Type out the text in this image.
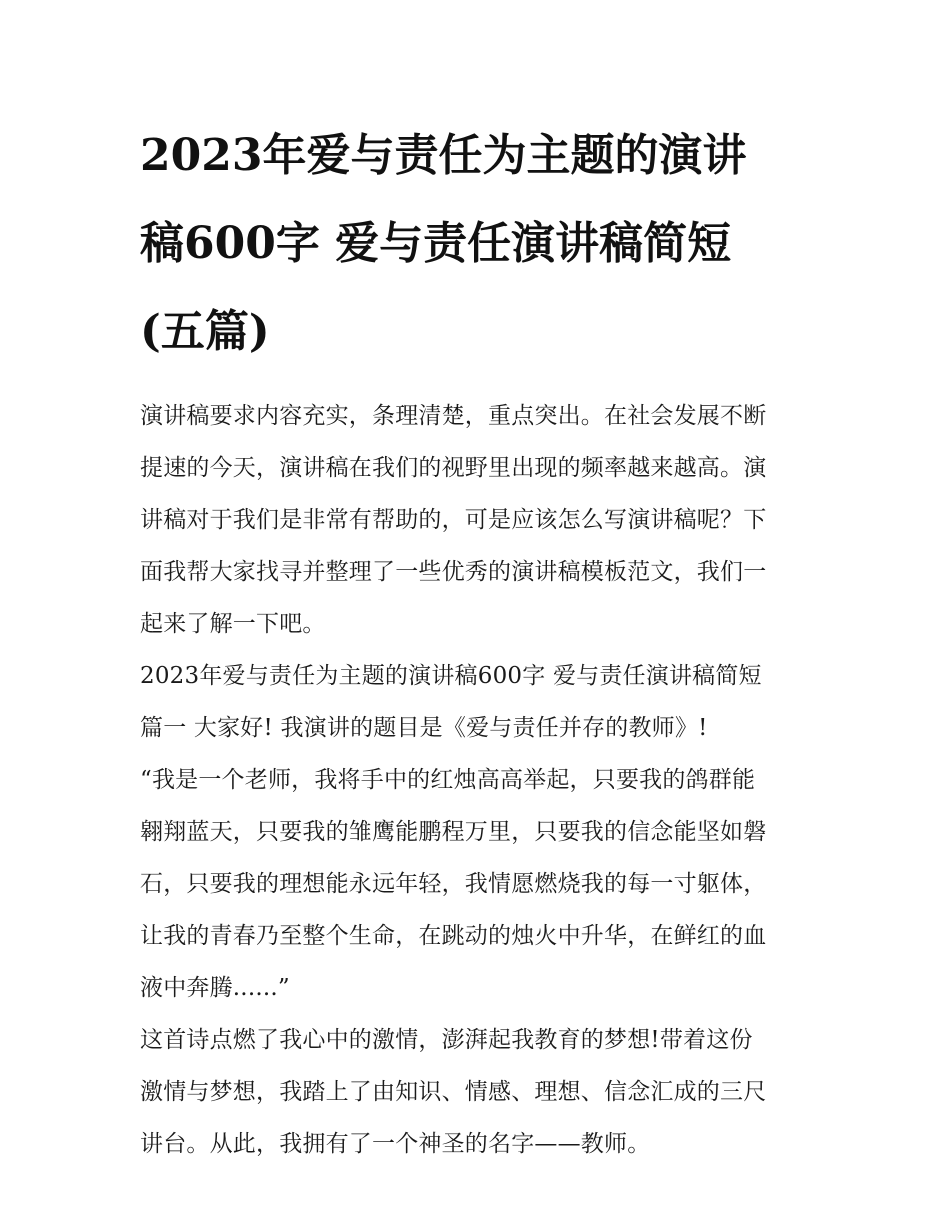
2023年爱与责任为主题的演讲
稿600字 爱与责任演讲稿简短
(五篇)
演讲稿要求内容充实，条理清楚，重点突出。在社会发展不断
提速的今天，演讲稿在我们的视野里出现的频率越来越高。演
讲稿对于我们是非常有帮助的，可是应该怎么写演讲稿呢？下
面我帮大家找寻并整理了一些优秀的演讲稿模板范文，我们一
起来了解一下吧。
2023年爱与责任为主题的演讲稿600字 爱与责任演讲稿简短
篇一 大家好! 我演讲的题目是《爱与责任并存的教师》!
“我是一个老师，我将手中的红烛高高举起，只要我的鸽群能
翱翔蓝天，只要我的雏鹰能鹏程万里，只要我的信念能坚如磐
石，只要我的理想能永远年轻，我情愿燃烧我的每一寸躯体，
让我的青春乃至整个生命，在跳动的烛火中升华，在鲜红的血
液中奔腾......”
这首诗点燃了我心中的激情，澎湃起我教育的梦想!带着这份
激情与梦想，我踏上了由知识、情感、理想、信念汇成的三尺
讲台。从此，我拥有了一个神圣的名字——教师。
